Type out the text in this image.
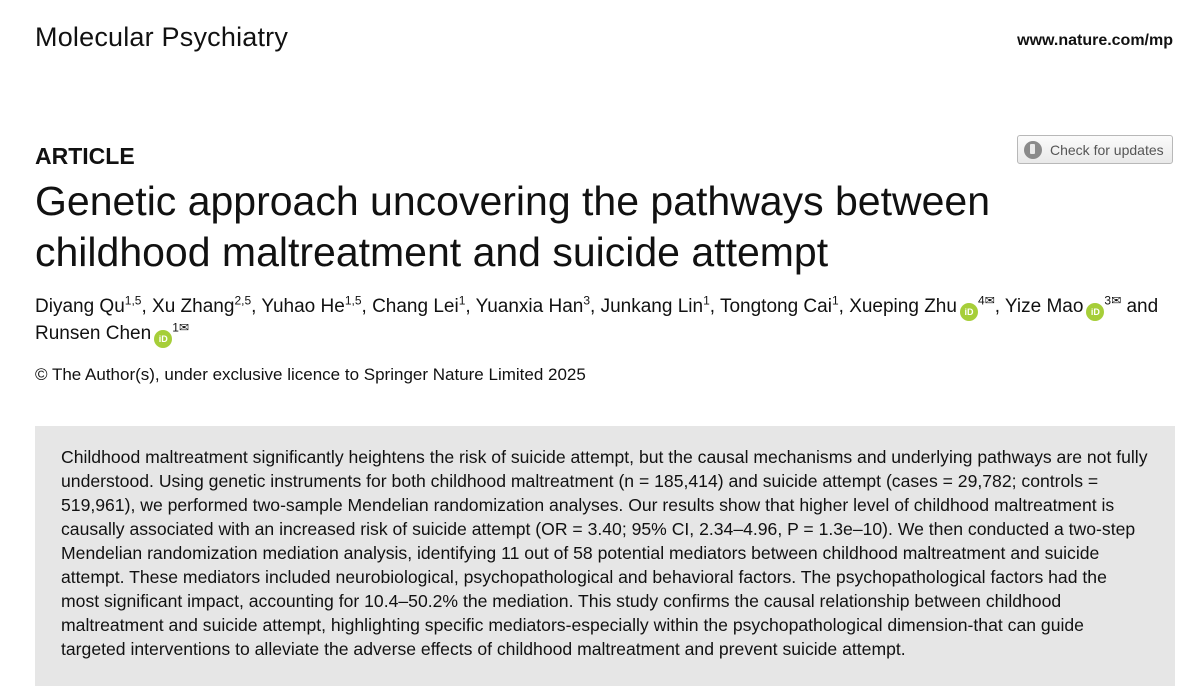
Molecular Psychiatry	www.nature.com/mp
ARTICLE	Check for updates
Genetic approach uncovering the pathways between childhood maltreatment and suicide attempt
Diyang Qu$^{1,5}$, Xu Zhang$^{2,5}$, Yuhao He$^{1,5}$, Chang Lei$^1$, Yuanxia Han$^3$, Junkang Lin$^1$, Tongtong Cai$^1$, Xueping Zhu $iD^{4✉}$, Yize Mao $iD^{3✉}$ and Runsen Chen $iD^{1✉}$
© The Author(s), under exclusive licence to Springer Nature Limited 2025

Childhood maltreatment significantly heightens the risk of suicide attempt, but the causal mechanisms and underlying pathways are not fully understood. Using genetic instruments for both childhood maltreatment (n = 185,414) and suicide attempt (cases = 29,782; controls = 519,961), we performed two-sample Mendelian randomization analyses. Our results show that higher level of childhood maltreatment is causally associated with an increased risk of suicide attempt (OR = 3.40; 95% CI, 2.34–4.96, P = 1.3e–10). We then conducted a two-step Mendelian randomization mediation analysis, identifying 11 out of 58 potential mediators between childhood maltreatment and suicide attempt. These mediators included neurobiological, psychopathological and behavioral factors. The psychopathological factors had the most significant impact, accounting for 10.4–50.2% the mediation. This study confirms the causal relationship between childhood maltreatment and suicide attempt, highlighting specific mediators-especially within the psychopathological dimension-that can guide targeted interventions to alleviate the adverse effects of childhood maltreatment and prevent suicide attempt.
